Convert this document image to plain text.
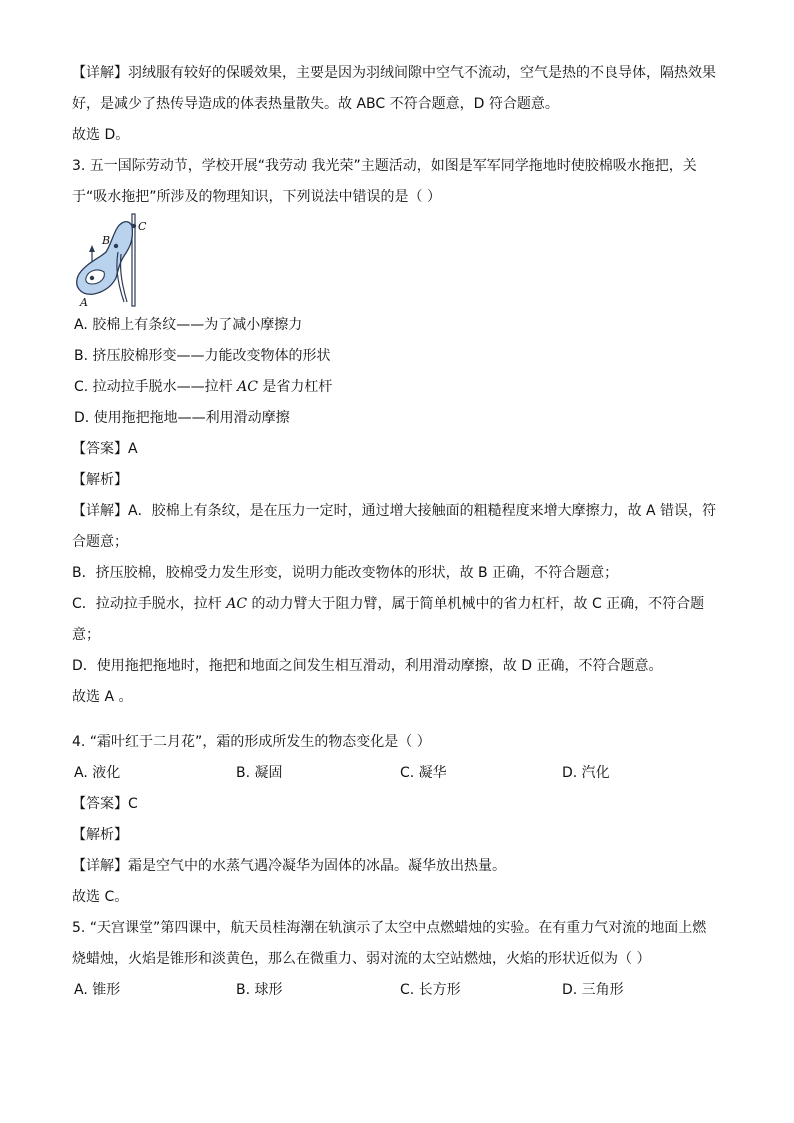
【详解】羽绒服有较好的保暖效果，主要是因为羽绒间隙中空气不流动，空气是热的不良导体，隔热效果
好，是减少了热传导造成的体表热量散失。故 ABC 不符合题意，D 符合题意。
故选 D。
3. 五一国际劳动节，学校开展“我劳动 我光荣”主题活动，如图是军军同学拖地时使胶棉吸水拖把，关
于“吸水拖把”所涉及的物理知识，下列说法中错误的是（ ）
C
B
A
A. 胶棉上有条纹——为了减小摩擦力
B. 挤压胶棉形变——力能改变物体的形状
C. 拉动拉手脱水——拉杆 AC 是省力杠杆
D. 使用拖把拖地——利用滑动摩擦
【答案】A
【解析】
【详解】A．胶棉上有条纹，是在压力一定时，通过增大接触面的粗糙程度来增大摩擦力，故 A 错误，符
合题意；
B．挤压胶棉，胶棉受力发生形变，说明力能改变物体的形状，故 B 正确，不符合题意；
C．拉动拉手脱水，拉杆 AC 的动力臂大于阻力臂，属于简单机械中的省力杠杆，故 C 正确，不符合题
意；
D．使用拖把拖地时，拖把和地面之间发生相互滑动，利用滑动摩擦，故 D 正确，不符合题意。
故选 A 。
4. “霜叶红于二月花”，霜的形成所发生的物态变化是（ ）
A. 液化	B. 凝固	C. 凝华	D. 汽化
【答案】C
【解析】
【详解】霜是空气中的水蒸气遇冷凝华为固体的冰晶。凝华放出热量。
故选 C。
5. “天宫课堂”第四课中，航天员桂海潮在轨演示了太空中点燃蜡烛的实验。在有重力气对流的地面上燃
烧蜡烛，火焰是锥形和淡黄色，那么在微重力、弱对流的太空站燃烛，火焰的形状近似为（ ）
A. 锥形	B. 球形	C. 长方形	D. 三角形
